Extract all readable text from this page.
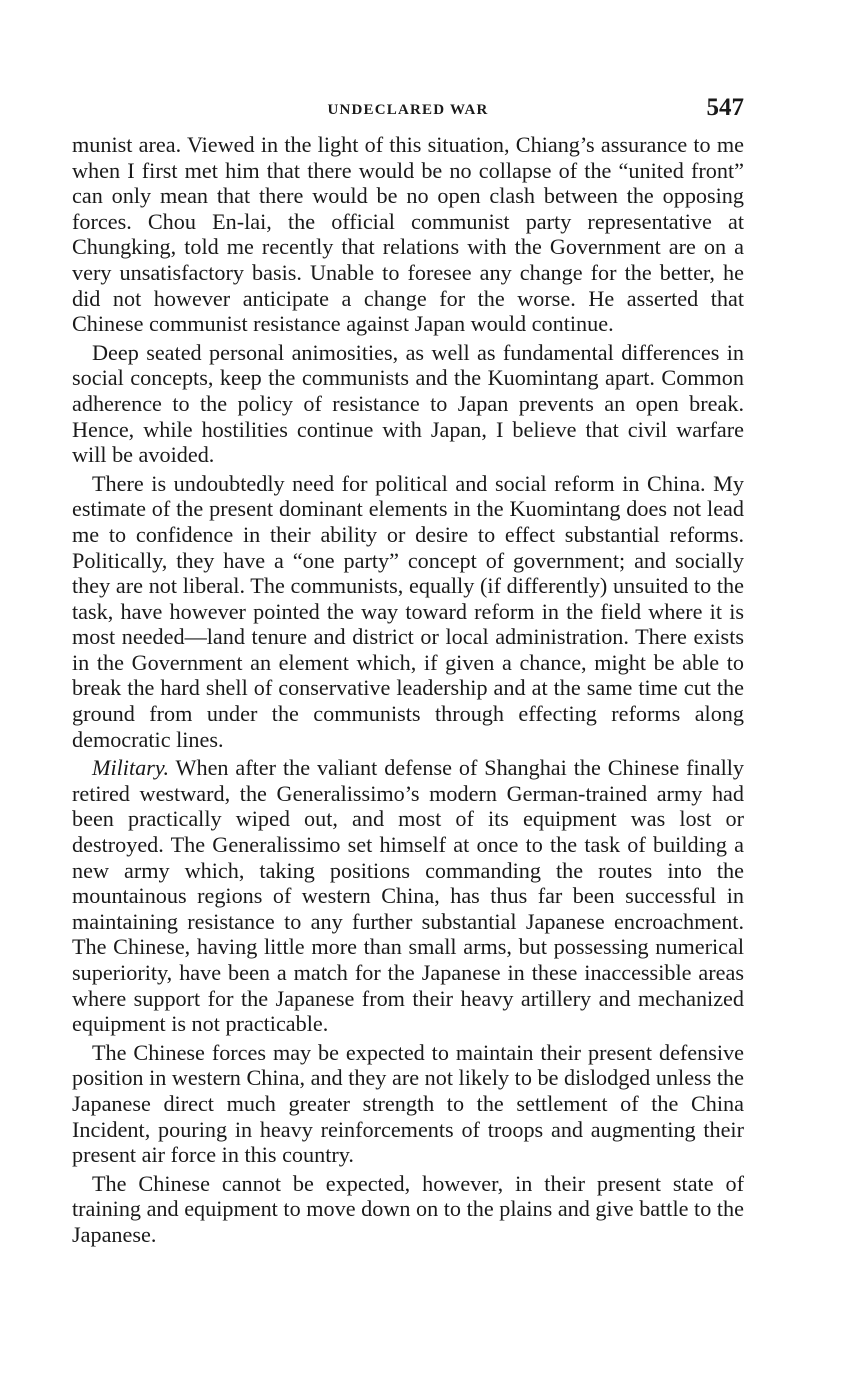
UNDECLARED WAR	547

munist area. Viewed in the light of this situation, Chiang’s assurance to me when I first met him that there would be no collapse of the “united front” can only mean that there would be no open clash between the opposing forces. Chou En-lai, the official communist party representative at Chungking, told me recently that relations with the Government are on a very unsatisfactory basis. Unable to foresee any change for the better, he did not however anticipate a change for the worse. He asserted that Chinese communist resistance against Japan would continue.

Deep seated personal animosities, as well as fundamental differences in social concepts, keep the communists and the Kuomintang apart. Common adherence to the policy of resistance to Japan prevents an open break. Hence, while hostilities continue with Japan, I believe that civil warfare will be avoided.

There is undoubtedly need for political and social reform in China. My estimate of the present dominant elements in the Kuomintang does not lead me to confidence in their ability or desire to effect substantial reforms. Politically, they have a “one party” concept of government; and socially they are not liberal. The communists, equally (if differently) unsuited to the task, have however pointed the way toward reform in the field where it is most needed—land tenure and district or local administration. There exists in the Government an element which, if given a chance, might be able to break the hard shell of conservative leadership and at the same time cut the ground from under the communists through effecting reforms along democratic lines.

Military. When after the valiant defense of Shanghai the Chinese finally retired westward, the Generalissimo’s modern German-trained army had been practically wiped out, and most of its equipment was lost or destroyed. The Generalissimo set himself at once to the task of building a new army which, taking positions commanding the routes into the mountainous regions of western China, has thus far been successful in maintaining resistance to any further substantial Japanese encroachment. The Chinese, having little more than small arms, but possessing numerical superiority, have been a match for the Japanese in these inaccessible areas where support for the Japanese from their heavy artillery and mechanized equipment is not practicable.

The Chinese forces may be expected to maintain their present defensive position in western China, and they are not likely to be dislodged unless the Japanese direct much greater strength to the settlement of the China Incident, pouring in heavy reinforcements of troops and augmenting their present air force in this country.

The Chinese cannot be expected, however, in their present state of training and equipment to move down on to the plains and give battle to the Japanese.
